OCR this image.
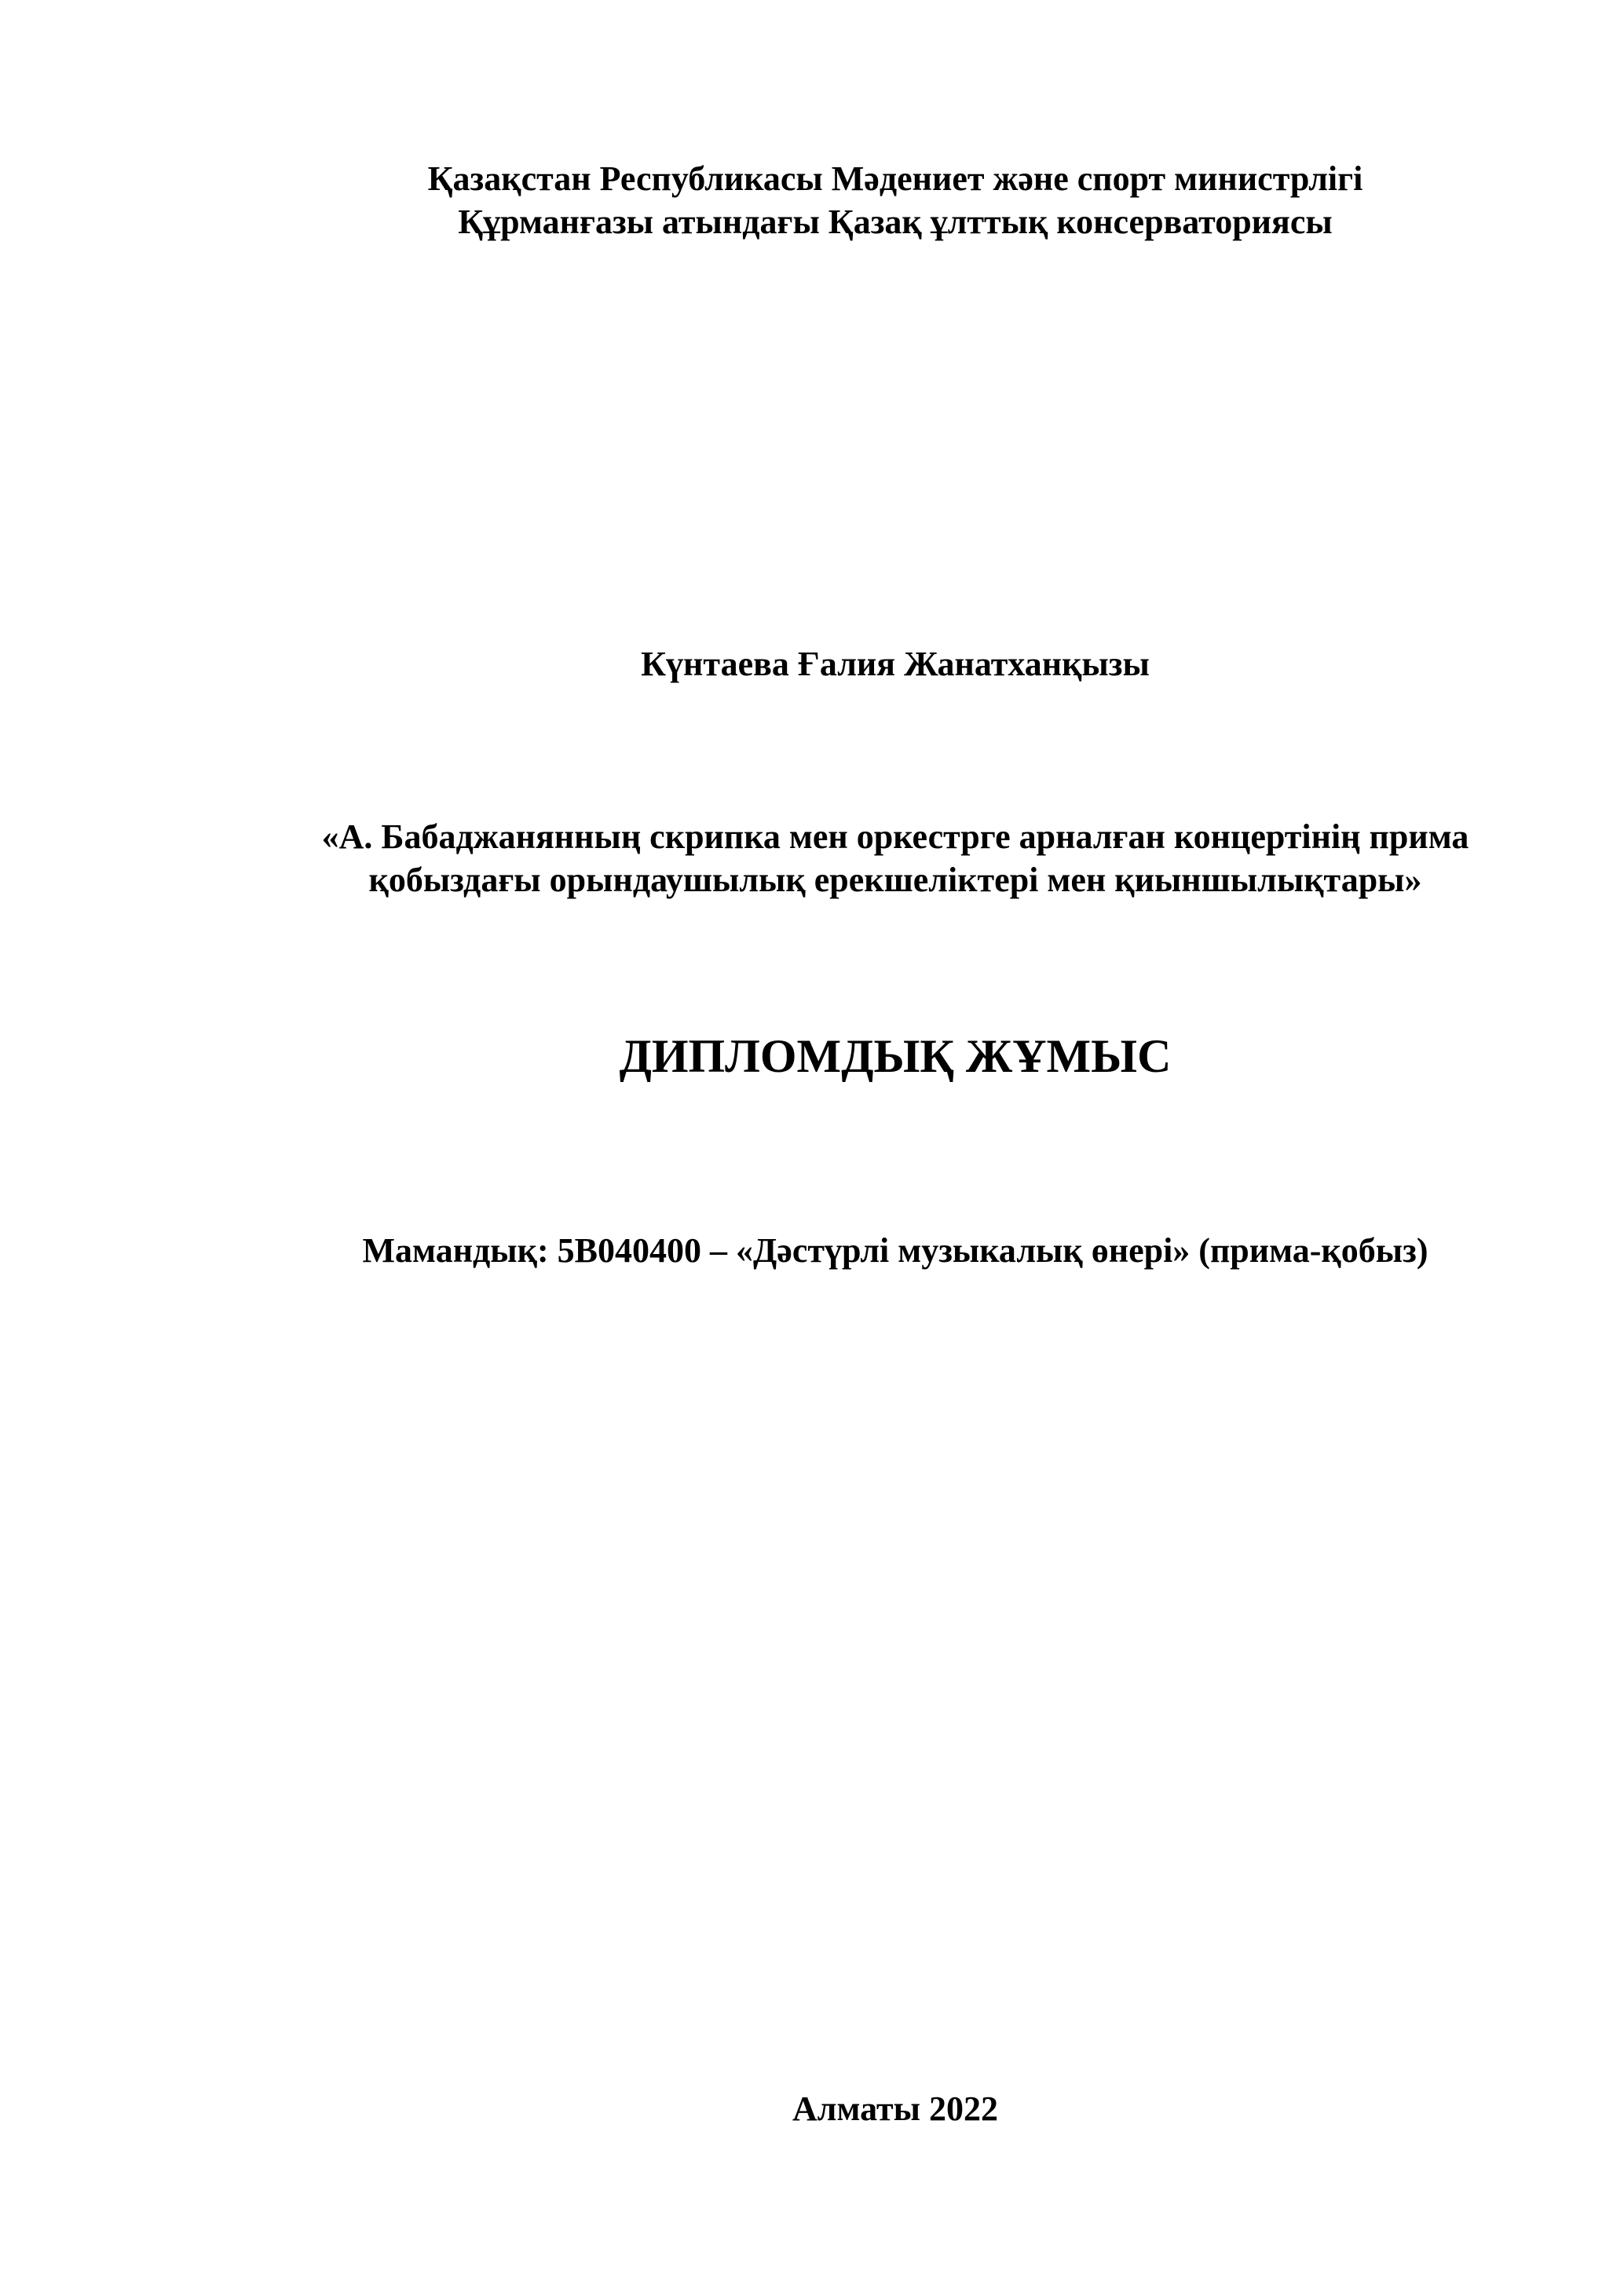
Қазақстан Республикасы Мәдениет және спорт министрлігі
Құрманғазы атындағы Қазақ ұлттық консерваториясы
Күнтаева Ғалия Жанатханқызы
«А. Бабаджанянның скрипка мен оркестрге арналған концертінің прима
қобыздағы орындаушылық ерекшеліктері мен қиыншылықтары»
ДИПЛОМДЫҚ ЖҰМЫС
Мамандық: 5В040400 – «Дәстүрлі музыкалық өнері» (прима-қобыз)
Алматы 2022
